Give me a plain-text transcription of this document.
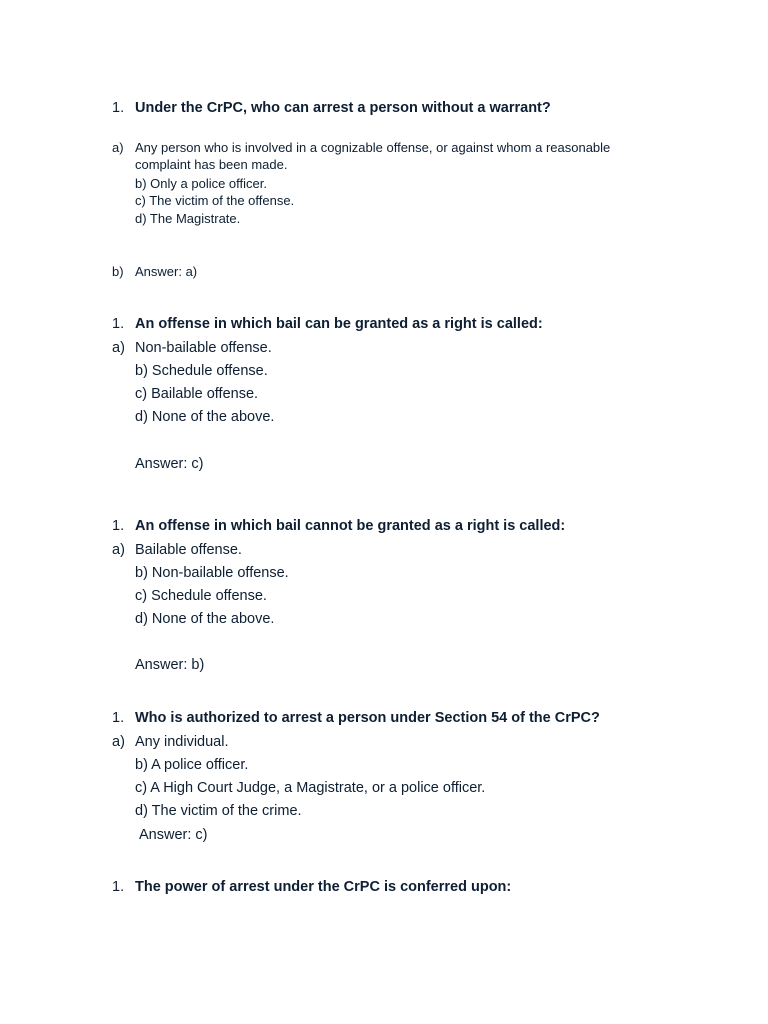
1. Under the CrPC, who can arrest a person without a warrant?
a) Any person who is involved in a cognizable offense, or against whom a reasonable
complaint has been made.
b) Only a police officer.
c) The victim of the offense.
d) The Magistrate.
b) Answer: a)
1. An offense in which bail can be granted as a right is called:
a) Non-bailable offense.
b) Schedule offense.
c) Bailable offense.
d) None of the above.
Answer: c)
1. An offense in which bail cannot be granted as a right is called:
a) Bailable offense.
b) Non-bailable offense.
c) Schedule offense.
d) None of the above.
Answer: b)
1. Who is authorized to arrest a person under Section 54 of the CrPC?
a) Any individual.
b) A police officer.
c) A High Court Judge, a Magistrate, or a police officer.
d) The victim of the crime.
Answer: c)
1. The power of arrest under the CrPC is conferred upon:
